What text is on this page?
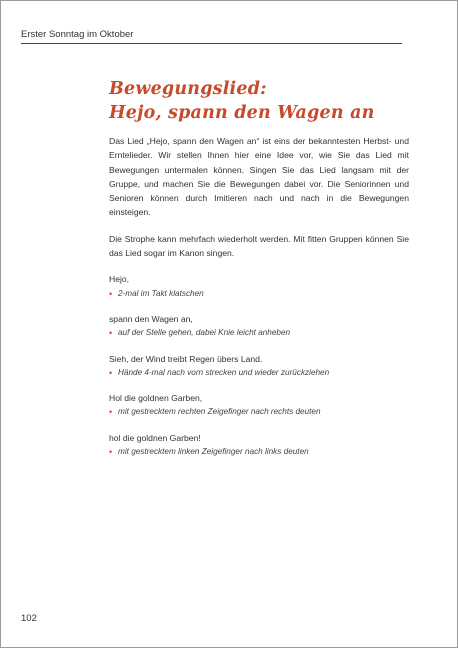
Erster Sonntag im Oktober
Bewegungslied:
Hejo, spann den Wagen an

Das Lied „Hejo, spann den Wagen an“ ist eins der bekanntesten Herbst- und Erntelieder. Wir stellen Ihnen hier eine Idee vor, wie Sie das Lied mit Bewegungen untermalen können. Singen Sie das Lied langsam mit der Gruppe, und machen Sie die Bewegungen dabei vor. Die Seniorinnen und Senioren können durch Imitieren nach und nach in die Bewegungen einsteigen.

Die Strophe kann mehrfach wiederholt werden. Mit fitten Gruppen können Sie das Lied sogar im Kanon singen.

Hejo,
• 2-mal im Takt klatschen
spann den Wagen an,
• auf der Stelle gehen, dabei Knie leicht anheben
Sieh, der Wind treibt Regen übers Land.
• Hände 4-mal nach vorn strecken und wieder zurückziehen
Hol die goldnen Garben,
• mit gestrecktem rechten Zeigefinger nach rechts deuten
hol die goldnen Garben!
• mit gestrecktem linken Zeigefinger nach links deuten
102
